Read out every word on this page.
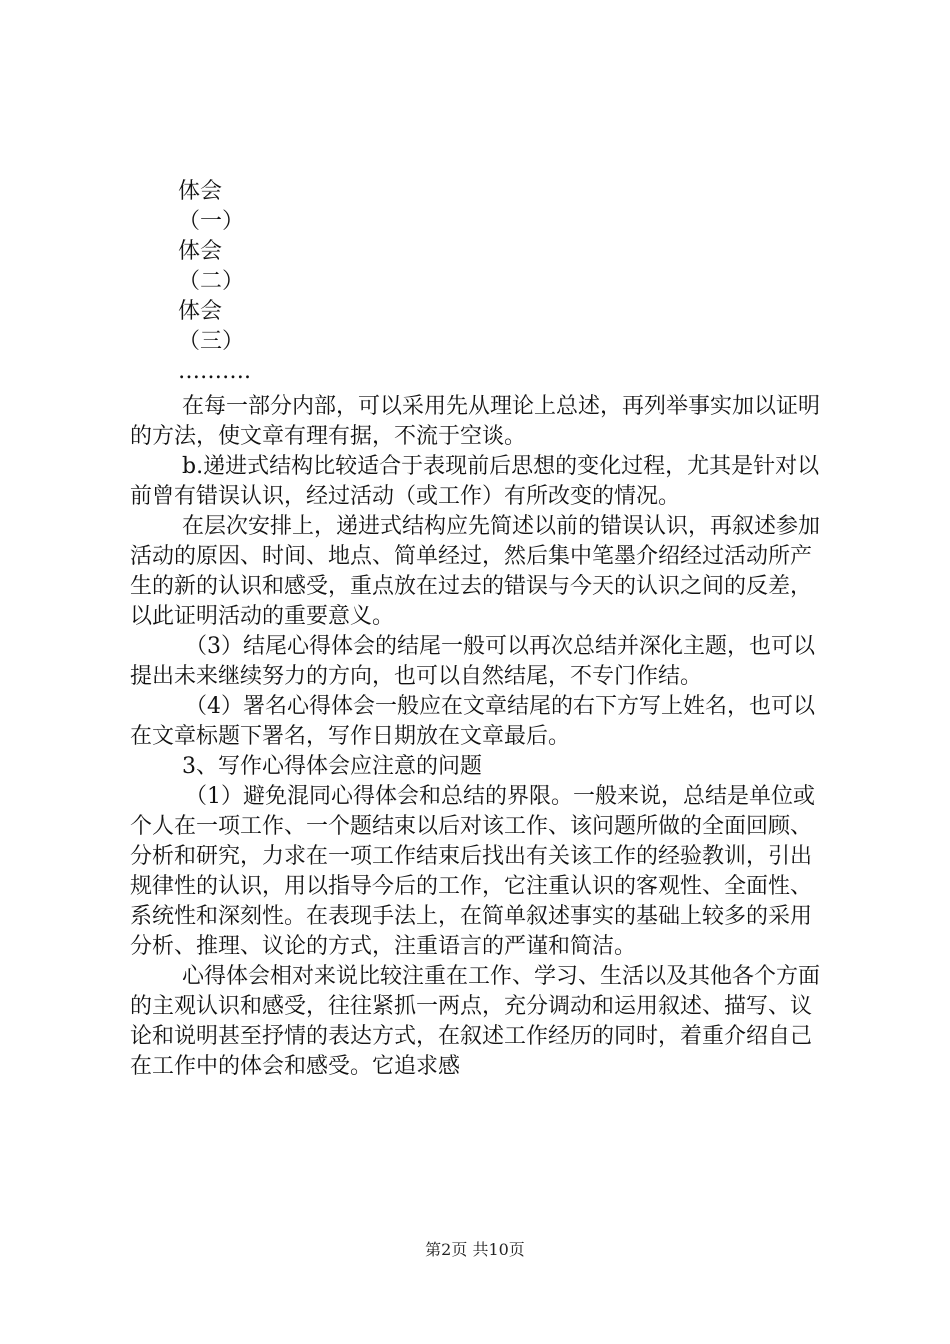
体会
（一）
体会
（二）
体会
（三）
……….

在每一部分内部，可以采用先从理论上总述，再列举事实加以证明的方法，使文章有理有据，不流于空谈。

b.递进式结构比较适合于表现前后思想的变化过程，尤其是针对以前曾有错误认识，经过活动（或工作）有所改变的情况。

在层次安排上，递进式结构应先简述以前的错误认识，再叙述参加活动的原因、时间、地点、简单经过，然后集中笔墨介绍经过活动所产生的新的认识和感受，重点放在过去的错误与今天的认识之间的反差，以此证明活动的重要意义。

（3）结尾心得体会的结尾一般可以再次总结并深化主题，也可以提出未来继续努力的方向，也可以自然结尾，不专门作结。

（4）署名心得体会一般应在文章结尾的右下方写上姓名，也可以在文章标题下署名，写作日期放在文章最后。

3、写作心得体会应注意的问题

（1）避免混同心得体会和总结的界限。一般来说，总结是单位或个人在一项工作、一个题结束以后对该工作、该问题所做的全面回顾、分析和研究，力求在一项工作结束后找出有关该工作的经验教训，引出规律性的认识，用以指导今后的工作，它注重认识的客观性、全面性、系统性和深刻性。在表现手法上，在简单叙述事实的基础上较多的采用分析、推理、议论的方式，注重语言的严谨和简洁。

心得体会相对来说比较注重在工作、学习、生活以及其他各个方面的主观认识和感受，往往紧抓一两点，充分调动和运用叙述、描写、议论和说明甚至抒情的表达方式，在叙述工作经历的同时，着重介绍自己在工作中的体会和感受。它追求感

第2页 共10页
